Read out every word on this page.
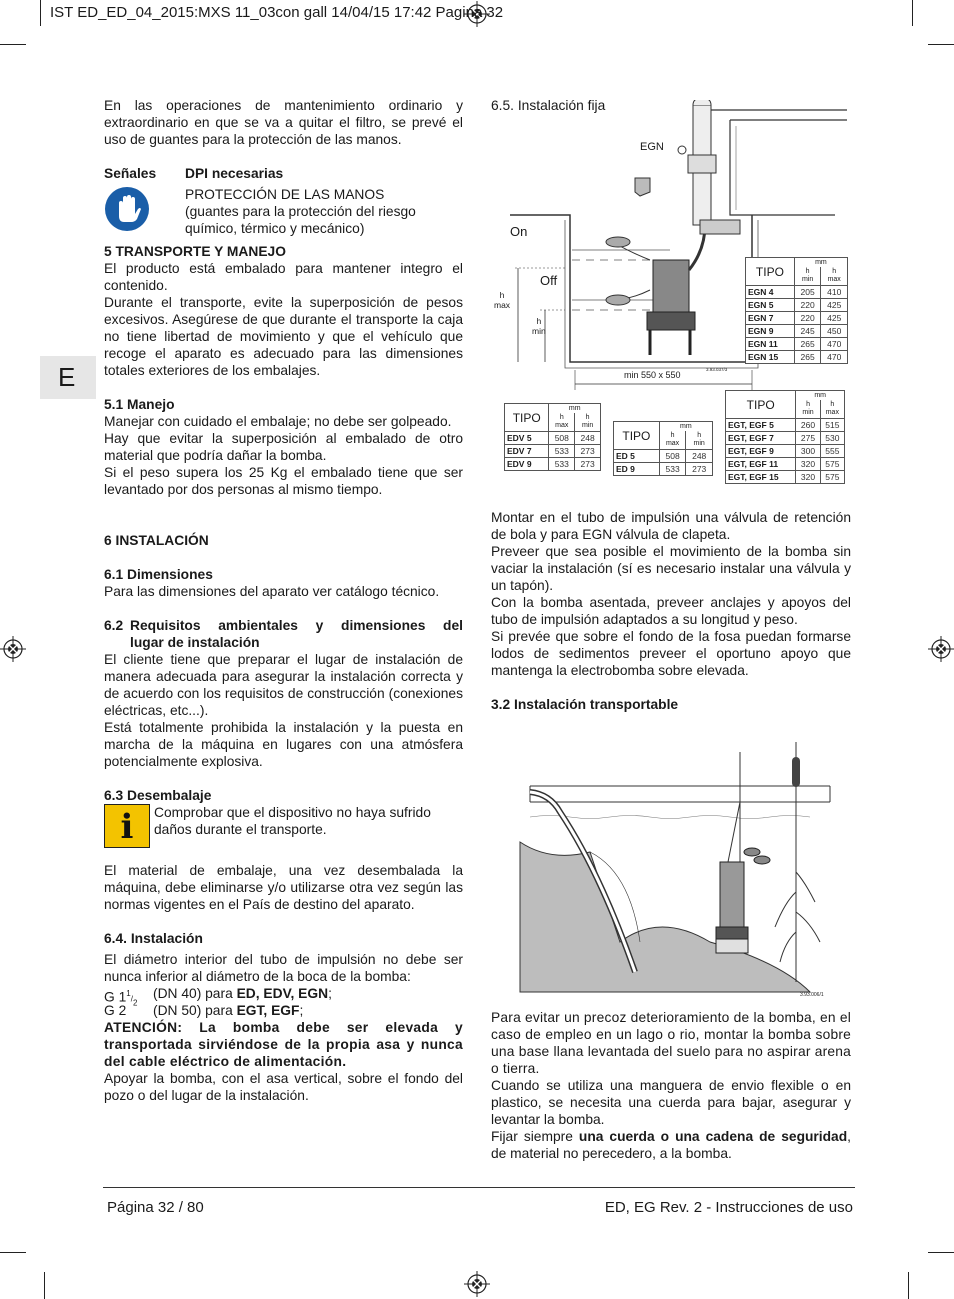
IST ED_ED_04_2015:MXS 11_03con gall 14/04/15 17:42 Pagina 32
E

En las operaciones de mantenimiento ordinario y extraordinario en que se va a quitar el filtro, se prevé el uso de guantes para la protección de las manos.

Señales DPI necesarias
PROTECCIÓN DE LAS MANOS
(guantes para la protección del riesgo químico, térmico y mecánico)

5 TRANSPORTE Y MANEJO

El producto está embalado para mantener integro el contenido.

Durante el transporte, evite la superposición de pesos excesivos. Asegúrese de que durante el transporte la caja no tiene libertad de movimiento y que el vehículo que recoge el aparato es adecuado para las dimensiones totales exteriores de los embalajes.

5.1 Manejo

Manejar con cuidado el embalaje; no debe ser golpeado.

Hay que evitar la superposición al embalado de otro material que podría dañar la bomba.

Si el peso supera los 25 Kg el embalado tiene que ser levantado por dos personas al mismo tiempo.

6 INSTALACIÓN

6.1 Dimensiones

Para las dimensiones del aparato ver catálogo técnico.

6.2 Requisitos ambientales y dimensiones del
lugar de instalación

El cliente tiene que preparar el lugar de instalación de manera adecuada para asegurar la instalación correcta y de acuerdo con los requisitos de construcción (conexiones eléctricas, etc...).

Está totalmente prohibida la instalación y la puesta en marcha de la máquina en lugares con una atmósfera potencialmente explosiva.

6.3 Desembalaje

i	Comprobar que el dispositivo no haya sufrido daños durante el transporte.

El material de embalaje, una vez desembalada la máquina, debe eliminarse y/o utilizarse otra vez según las normas vigentes en el País de destino del aparato.

6.4. Instalación

El diámetro interior del tubo de impulsión no debe ser nunca inferior al diámetro de la boca de la bomba:

G $1^1/_2$
(DN 40) para ED, EDV, EGN;
G 2 (DN 50) para EGT, EGF;

ATENCIÓN: La bomba debe ser elevada y transportada sirviéndose de la propia asa y nunca del cable eléctrico de alimentación.

Apoyar la bomba, con el asa vertical, sobre el fondo del pozo o del lugar de la instalación.

6.5. Instalación fija
EGN
On
Off
h
max
h
min
min 550 x 550
3.93.037/3
TIPO	mm	
	h
min	h
max
EGN 4	205	410
EGN 5	220	425
EGN 7	220	425
EGN 9	245	450
EGN 11	265	470
EGN 15	265	470
TIPO	mm	
	h
max	h
min
EDV 5	508	248
EDV 7	533	273
EDV 9	533	273
TIPO	mm	
	h
max	h
min
ED 5	508	248
ED 9	533	273
TIPO	mm	
	h
min	h
max
EGT, EGF 5	260	515
EGT, EGF 7	275	530
EGT, EGF 9	300	555
EGT, EGF 11	320	575
EGT, EGF 15	320	575

Montar en el tubo de impulsión una válvula de retención de bola y para EGN válvula de clapeta.

Preveer que sea posible el movimiento de la bomba sin vaciar la instalación (sí es necesario instalar una válvula y un tapón).

Con la bomba asentada, preveer anclajes y apoyos del tubo de impulsión adaptados a su longitud y peso.

Si prevée que sobre el fondo de la fosa puedan formarse lodos de sedimentos preveer el oportuno apoyo que mantenga la electrobomba sobre elevada.

3.2 Instalación transportable

3.93.006/1

Para evitar un precoz deterioramiento de la bomba, en el caso de empleo en un lago o rio, montar la bomba sobre una base llana levantada del suelo para no aspirar arena o tierra.

Cuando se utiliza una manguera de envio flexible o en plastico, se necesita una cuerda para bajar, asegurar y levantar la bomba.

Fijar siempre una cuerda o una cadena de seguridad, de material no perecedero, a la bomba.

Página 32 / 80	ED, EG Rev. 2 - Instrucciones de uso
